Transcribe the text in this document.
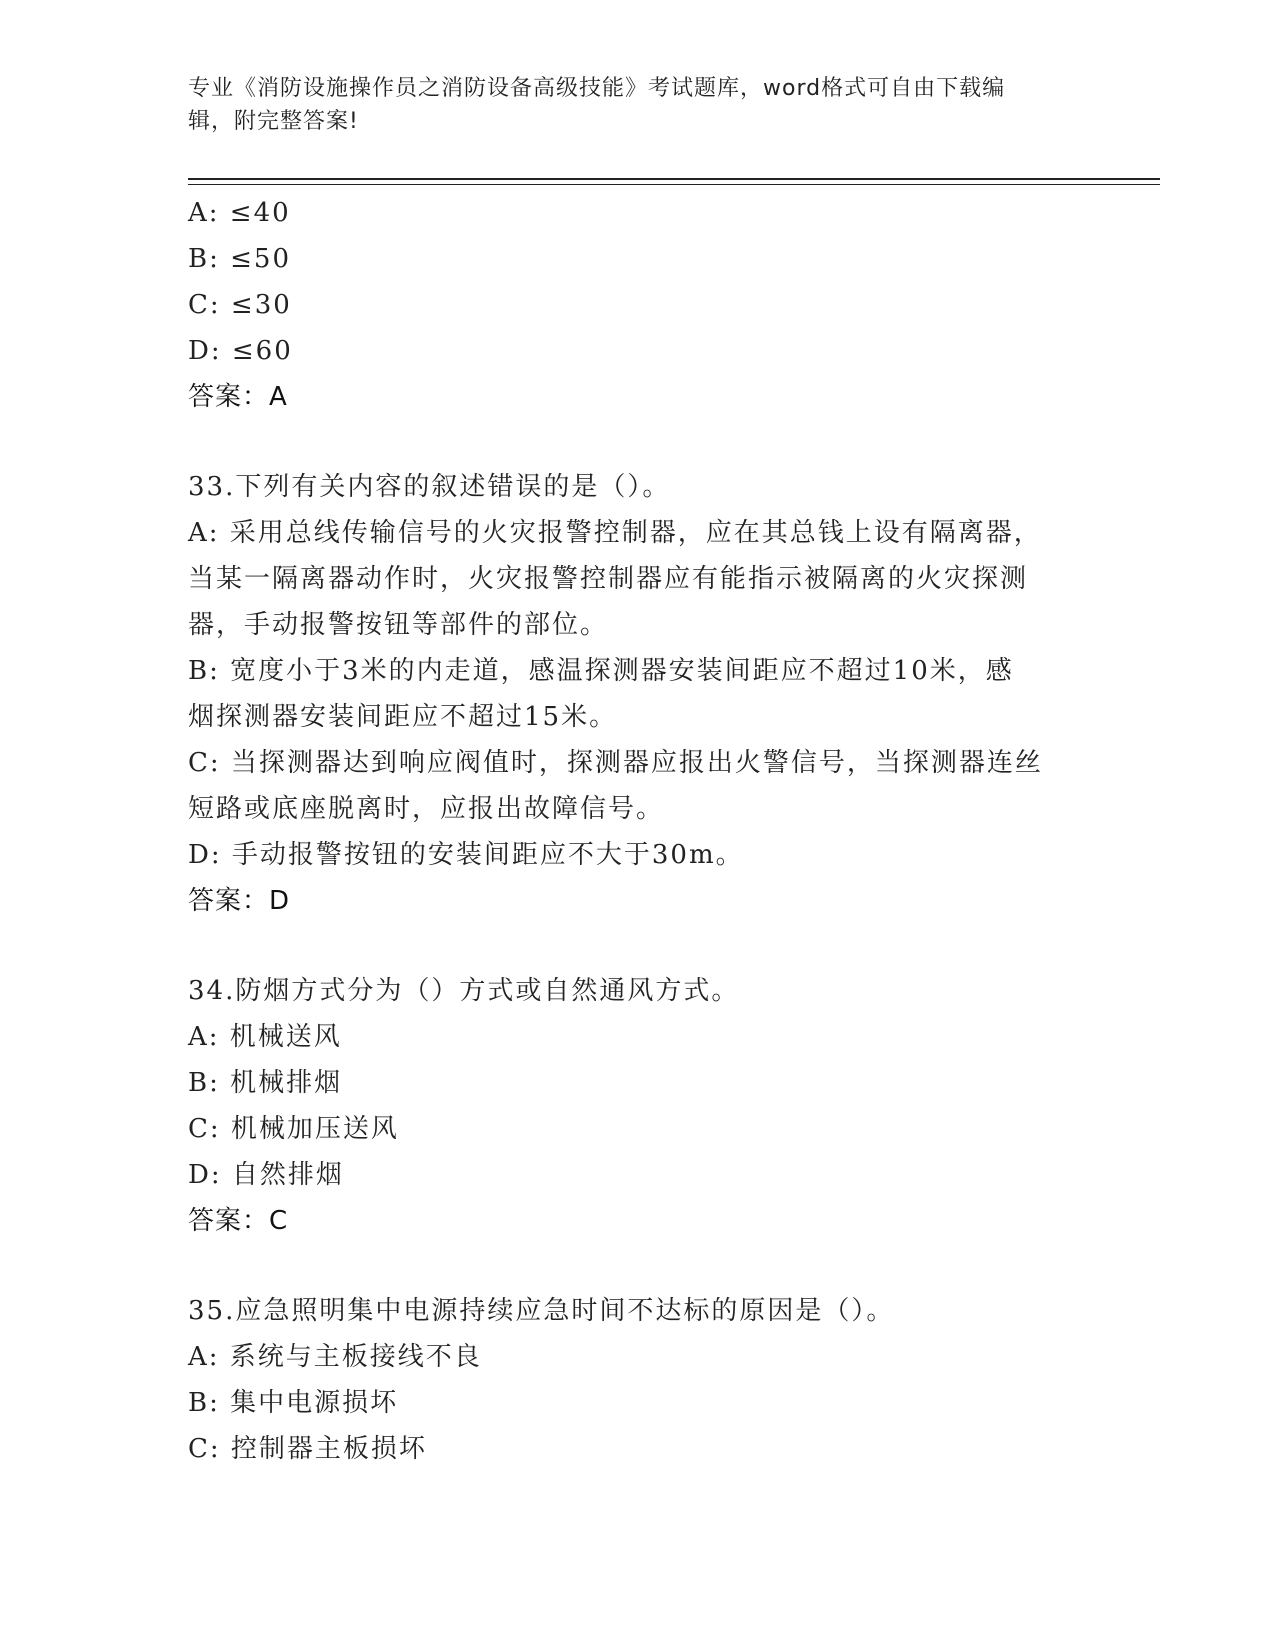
专业《消防设施操作员之消防设备高级技能》考试题库，word格式可自由下载编
辑，附完整答案!
A: ≤40
B: ≤50
C: ≤30
D: ≤60
答案：A
33.下列有关内容的叙述错误的是（）。
A: 采用总线传输信号的火灾报警控制器，应在其总钱上设有隔离器，
当某一隔离器动作时，火灾报警控制器应有能指示被隔离的火灾探测
器，手动报警按钮等部件的部位。
B: 宽度小于3米的内走道，感温探测器安装间距应不超过10米，感
烟探测器安装间距应不超过15米。
C: 当探测器达到响应阀值时，探测器应报出火警信号，当探测器连丝
短路或底座脱离时，应报出故障信号。
D: 手动报警按钮的安装间距应不大于30m。
答案：D
34.防烟方式分为（）方式或自然通风方式。
A: 机械送风
B: 机械排烟
C: 机械加压送风
D: 自然排烟
答案：C
35.应急照明集中电源持续应急时间不达标的原因是（）。
A: 系统与主板接线不良
B: 集中电源损坏
C: 控制器主板损坏
